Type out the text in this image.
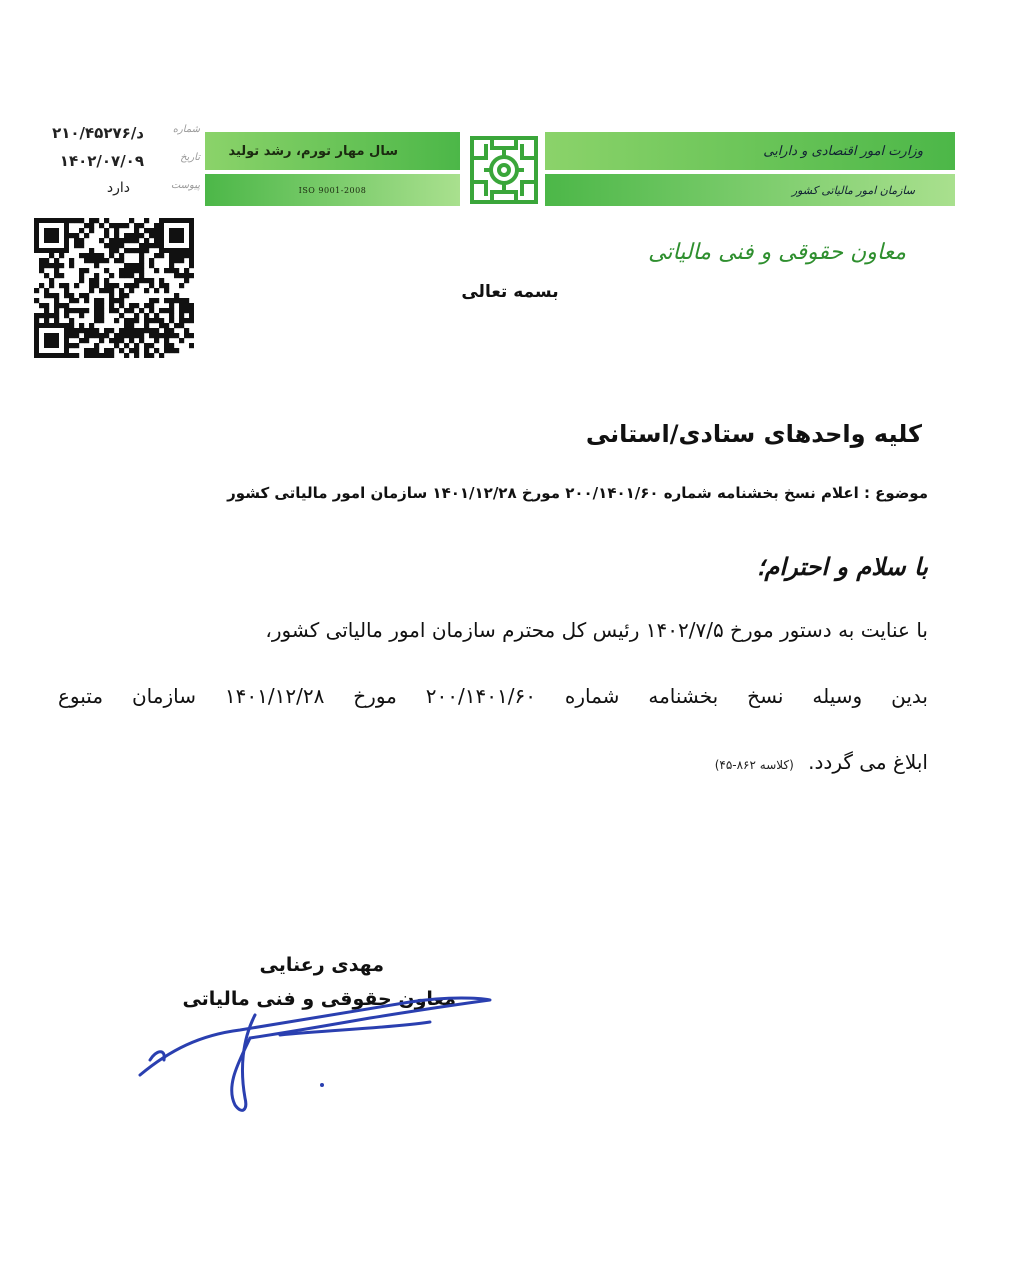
شماره
د/۲۱۰/۴۵۲۷۶
تاریخ
۱۴۰۲/۰۷/۰۹
پیوست
دارد
سال مهار تورم، رشد تولید
ISO 9001-2008
وزارت امور اقتصادی و دارایی
سازمان امور مالیاتی کشور
معاون حقوقی و فنی مالیاتی
بسمه تعالی
کلیه واحدهای ستادی/استانی
موضوع : اعلام نسخ بخشنامه شماره ۲۰۰/۱۴۰۱/۶۰ مورخ ۱۴۰۱/۱۲/۲۸ سازمان امور مالیاتی کشور
با سلام و احترام؛
با عنایت به دستور مورخ ۱۴۰۲/۷/۵ رئیس کل محترم سازمان امور مالیاتی کشور،
بدین وسیله نسخ بخشنامه شماره ۲۰۰/۱۴۰۱/۶۰ مورخ ۱۴۰۱/۱۲/۲۸ سازمان متبوع
ابلاغ می گردد. (کلاسه ۸۶۲-۴۵)
مهدی رعنایی
معاون حقوقی و فنی مالیاتی
